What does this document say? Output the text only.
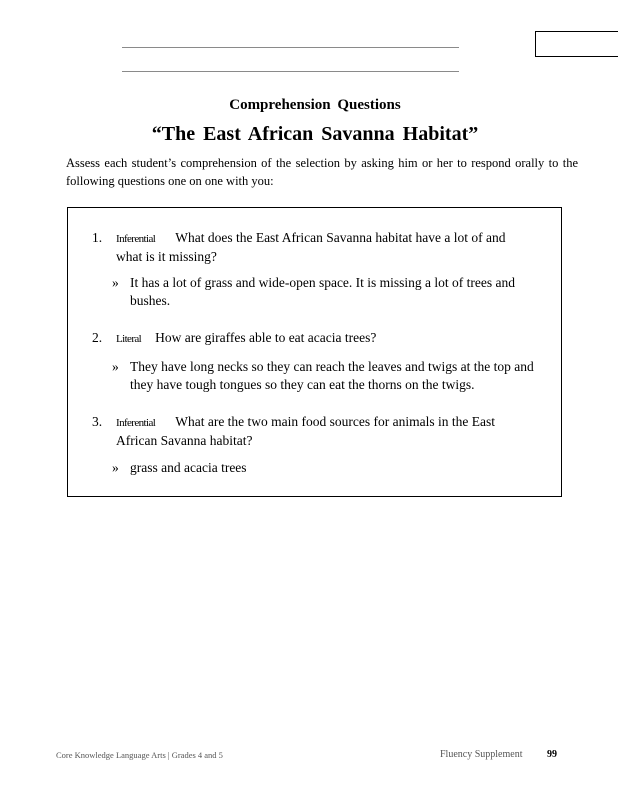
Comprehension Questions
“The East African Savanna Habitat”
Assess each student’s comprehension of the selection by asking him or her to respond orally to the following questions one on one with you:
1. Inferential What does the East African Savanna habitat have a lot of and what is it missing?
» It has a lot of grass and wide-open space. It is missing a lot of trees and bushes.
2. Literal How are giraffes able to eat acacia trees?
» They have long necks so they can reach the leaves and twigs at the top and they have tough tongues so they can eat the thorns on the twigs.
3. Inferential What are the two main food sources for animals in the East African Savanna habitat?
» grass and acacia trees
Core Knowledge Language Arts | Grades 4 and 5	Fluency Supplement 99
